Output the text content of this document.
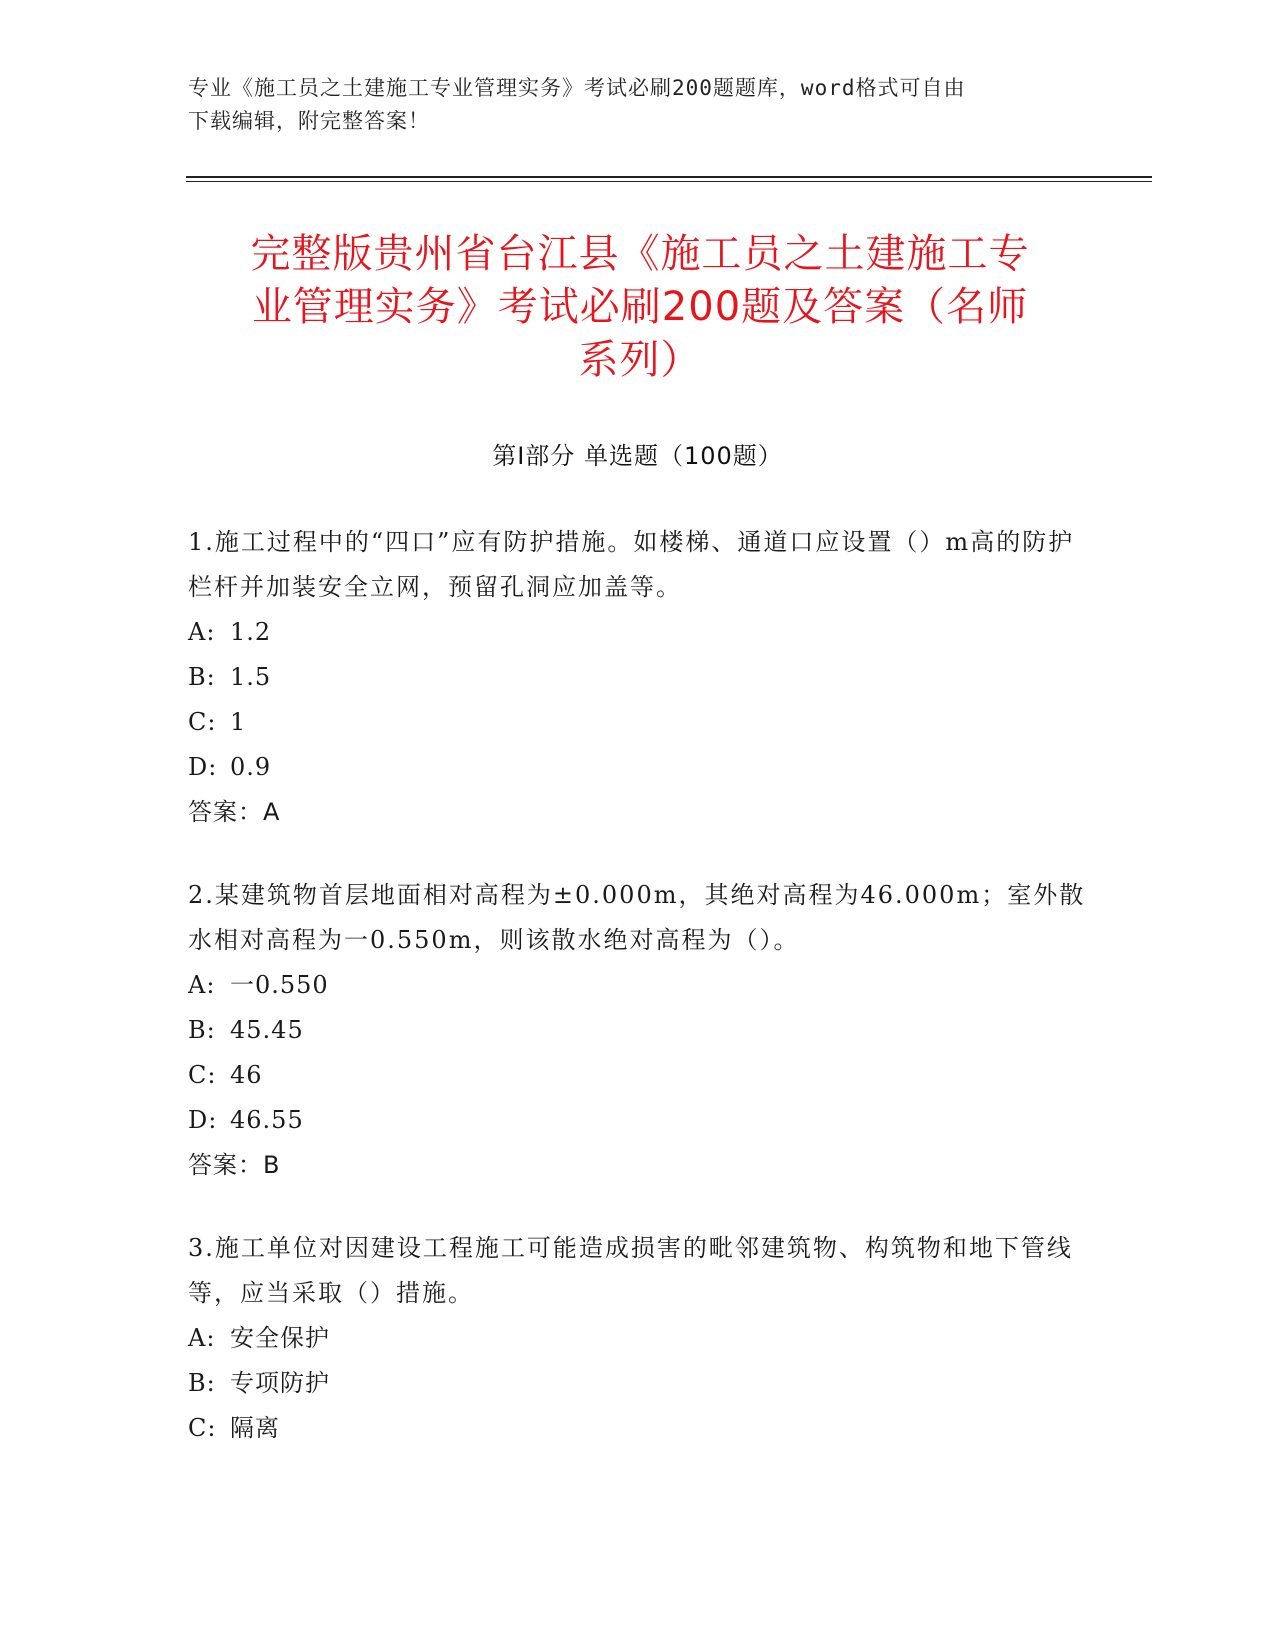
专业《施工员之土建施工专业管理实务》考试必刷200题题库，word格式可自由
下载编辑，附完整答案！
完整版贵州省台江县《施工员之土建施工专
业管理实务》考试必刷200题及答案（名师
系列）
第Ⅰ部分 单选题（100题）

1.施工过程中的“四口”应有防护措施。如楼梯、通道口应设置（）m高的防护栏杆并加装安全立网，预留孔洞应加盖等。

A: 1.2

B: 1.5

C: 1

D: 0.9

答案：A

2.某建筑物首层地面相对高程为±0.000m，其绝对高程为46.000m；室外散水相对高程为一0.550m，则该散水绝对高程为（）。

A: 一0.550

B: 45.45

C: 46

D: 46.55

答案：B

3.施工单位对因建设工程施工可能造成损害的毗邻建筑物、构筑物和地下管线等，应当采取（）措施。

A: 安全保护

B: 专项防护

C: 隔离
